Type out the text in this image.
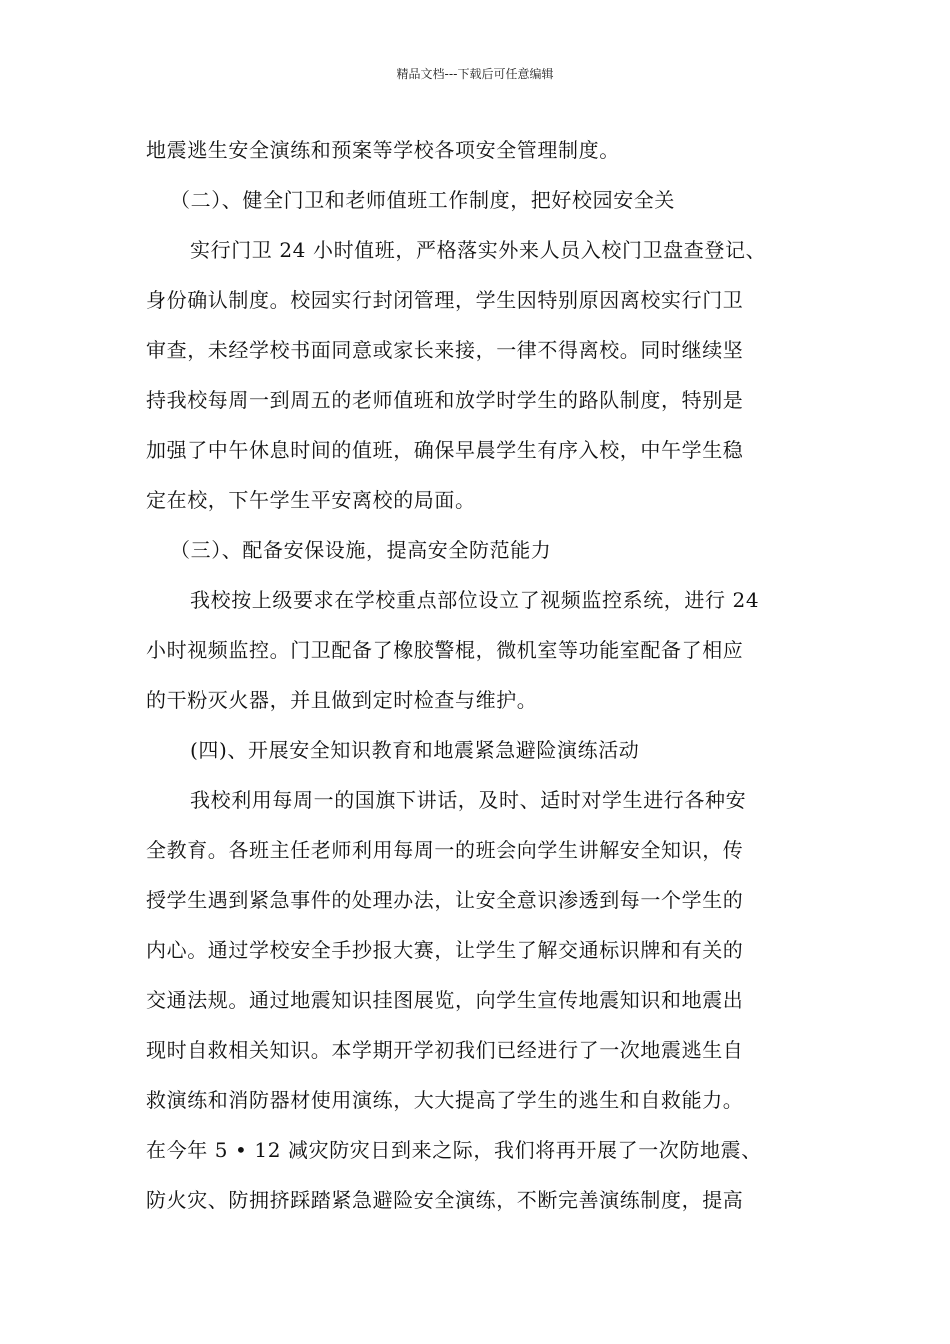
精品文档---下载后可任意编辑
地震逃生安全演练和预案等学校各项安全管理制度。
（二）、健全门卫和老师值班工作制度，把好校园安全关
实行门卫 24 小时值班，严格落实外来人员入校门卫盘查登记、
身份确认制度。校园实行封闭管理，学生因特别原因离校实行门卫
审查，未经学校书面同意或家长来接，一律不得离校。同时继续坚
持我校每周一到周五的老师值班和放学时学生的路队制度，特别是
加强了中午休息时间的值班，确保早晨学生有序入校，中午学生稳
定在校，下午学生平安离校的局面。
（三）、配备安保设施，提高安全防范能力
我校按上级要求在学校重点部位设立了视频监控系统，进行 24
小时视频监控。门卫配备了橡胶警棍，微机室等功能室配备了相应
的干粉灭火器，并且做到定时检查与维护。
(四)、开展安全知识教育和地震紧急避险演练活动
我校利用每周一的国旗下讲话，及时、适时对学生进行各种安
全教育。各班主任老师利用每周一的班会向学生讲解安全知识，传
授学生遇到紧急事件的处理办法，让安全意识渗透到每一个学生的
内心。通过学校安全手抄报大赛，让学生了解交通标识牌和有关的
交通法规。通过地震知识挂图展览，向学生宣传地震知识和地震出
现时自救相关知识。本学期开学初我们已经进行了一次地震逃生自
救演练和消防器材使用演练，大大提高了学生的逃生和自救能力。
在今年 5 • 12 减灾防灾日到来之际，我们将再开展了一次防地震、
防火灾、防拥挤踩踏紧急避险安全演练，不断完善演练制度，提高
